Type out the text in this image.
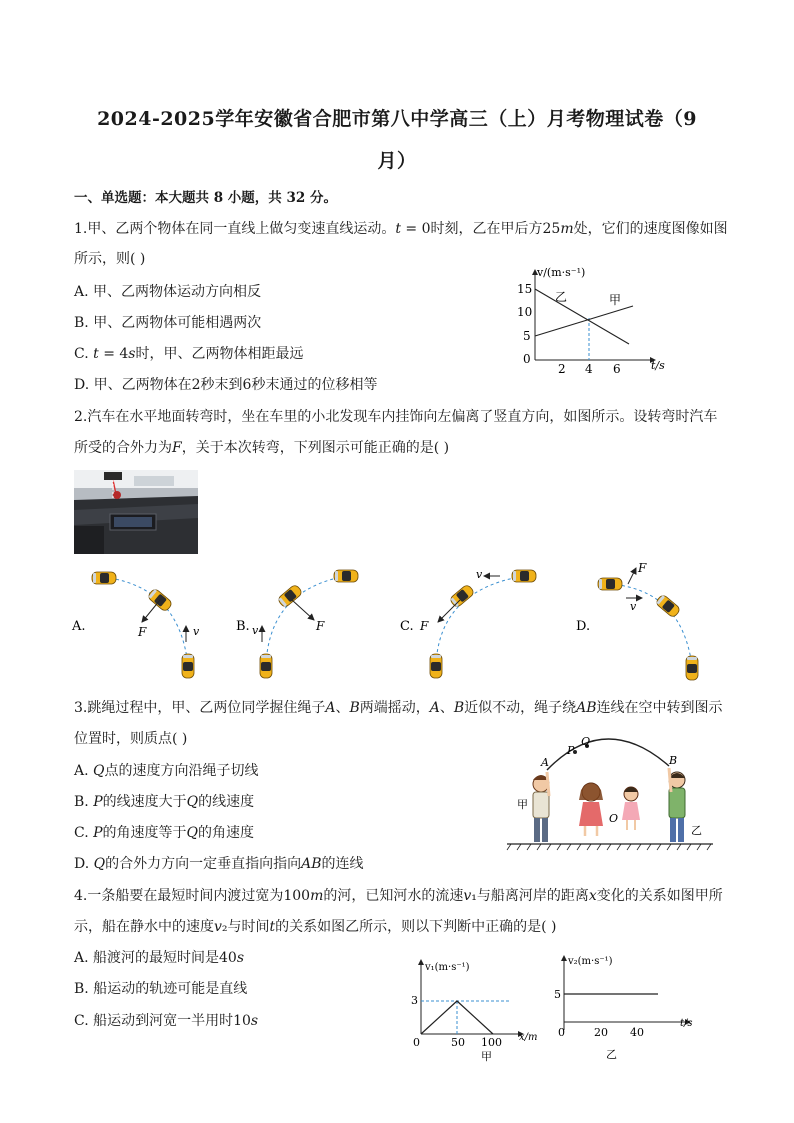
2024-2025学年安徽省合肥市第八中学高三（上）月考物理试卷（9
月）
一、单选题：本大题共 8 小题，共 32 分。
1.甲、乙两个物体在同一直线上做匀变速直线运动。𝑡 = 0时刻，乙在甲后方25𝑚处，它们的速度图像如图
所示，则( )
A. 甲、乙两物体运动方向相反
B. 甲、乙两物体可能相遇两次
C. 𝑡 = 4𝑠时，甲、乙两物体相距最远
D. 甲、乙两物体在2秒末到6秒末通过的位移相等
v/(m·s⁻¹)
t/s
15
10
5
0
2 4 6
乙	甲
2.汽车在水平地面转弯时，坐在车里的小北发现车内挂饰向左偏离了竖直方向，如图所示。设转弯时汽车
所受的合外力为𝐹，关于本次转弯，下列图示可能正确的是( )
F	v
A.	F
v
B.	F
v
C.
F
v
D.
3.跳绳过程中，甲、乙两位同学握住绳子𝐴、𝐵两端摇动，𝐴、𝐵近似不动，绳子绕𝐴𝐵连线在空中转到图示
位置时，则质点( )
A. 𝑄点的速度方向沿绳子切线
B. 𝑃的线速度大于𝑄的线速度
C. 𝑃的角速度等于𝑄的角速度
D. 𝑄的合外力方向一定垂直指向指向𝐴𝐵的连线
P
Q
A	B
甲
O
乙
4.一条船要在最短时间内渡过宽为100𝑚的河，已知河水的流速𝑣₁与船离河岸的距离𝑥变化的关系如图甲所
示，船在静水中的速度𝑣₂与时间𝑡的关系如图乙所示，则以下判断中正确的是( )
A. 船渡河的最短时间是40𝑠
B. 船运动的轨迹可能是直线
C. 船运动到河宽一半用时10𝑠
v₁(m·s⁻¹)
x/m
3
0	50 100
甲
v₂(m·s⁻¹)
t/s
5
0	20 40
乙
